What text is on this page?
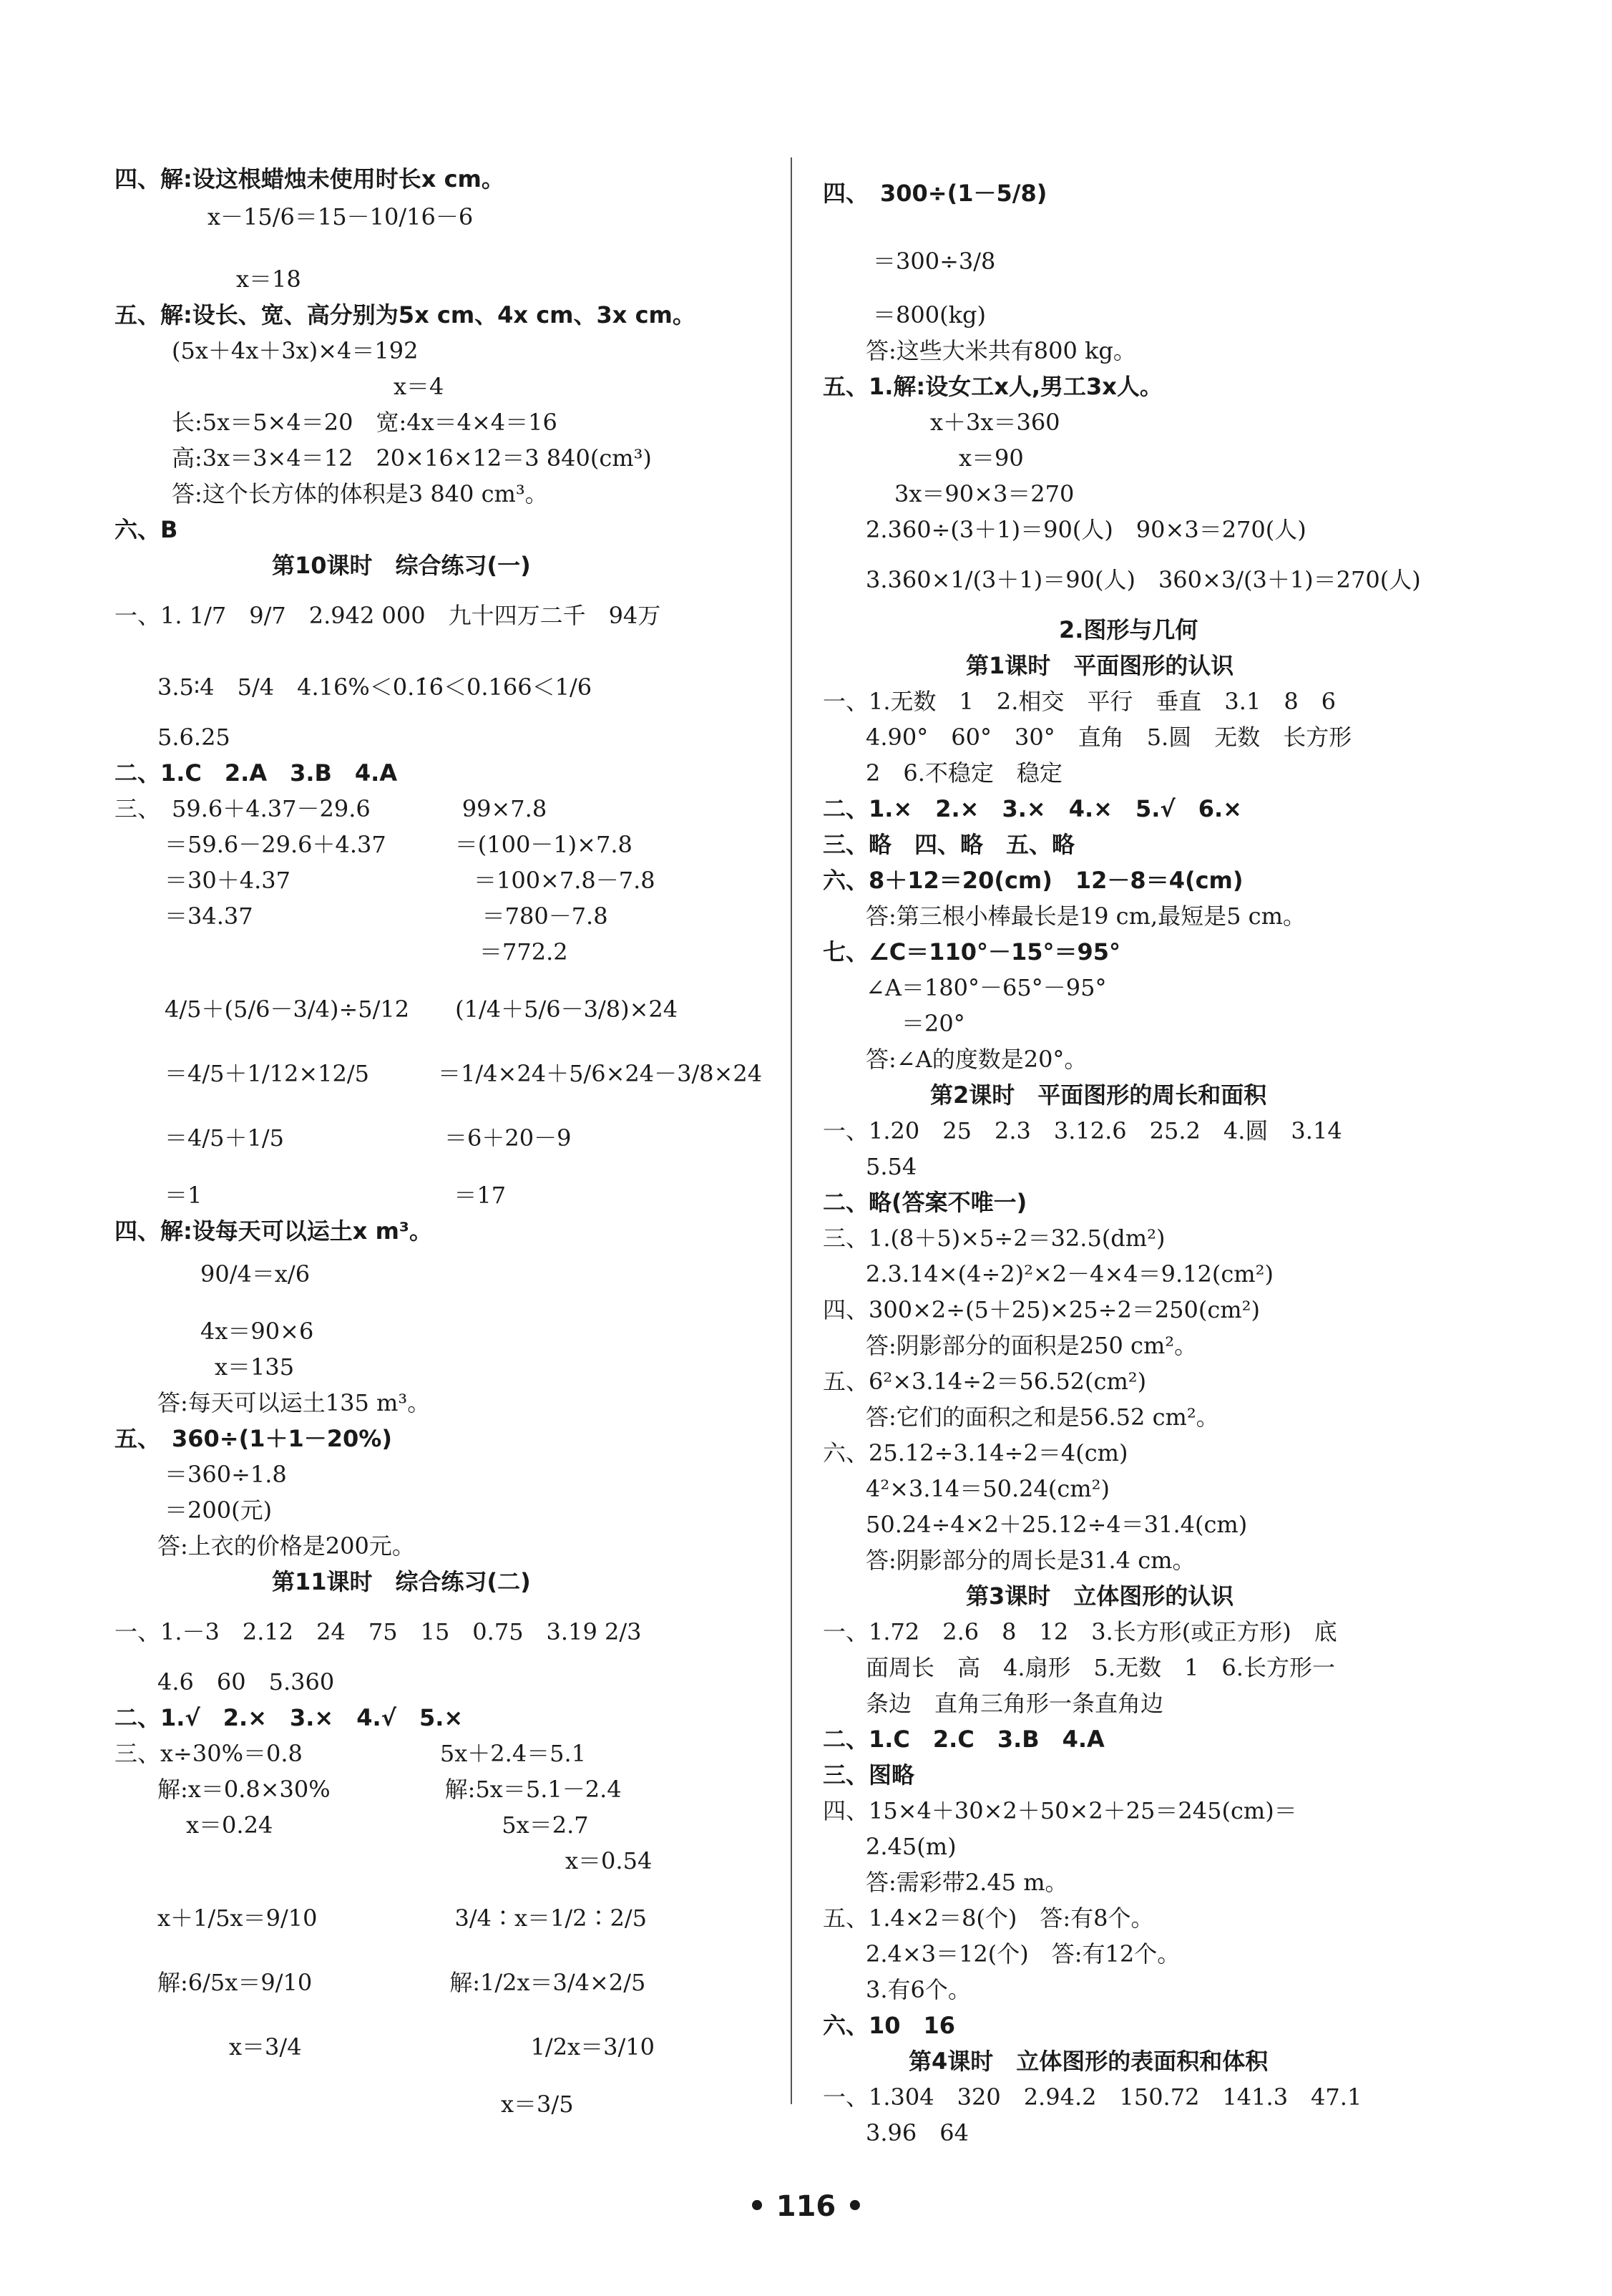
四、解:设这根蜡烛未使用时长x cm。
x－15/6＝15－10/16－6
x＝18
五、解:设长、宽、高分别为5x cm、4x cm、3x cm。
(5x＋4x＋3x)×4＝192
x＝4
长:5x＝5×4＝20　宽:4x＝4×4＝16
高:3x＝3×4＝12　20×16×12＝3 840(cm³)
答:这个长方体的体积是3 840 cm³。
六、B
第10课时　综合练习(一)
一、1. 1/7　9/7　2.942 000　九十四万二千　94万
3.5∶4　5/4　4.16%＜0.1̇6̇＜0.166＜1/6
5.6.25
二、1.C　2.A　3.B　4.A
三、　59.6＋4.37－29.6　　　　99×7.8
＝59.6－29.6＋4.37　　　＝(100－1)×7.8
＝30＋4.37　　　　　　　　＝100×7.8－7.8
＝34.37　　　　　　　　　　＝780－7.8
＝772.2
4/5＋(5/6－3/4)÷5/12　　(1/4＋5/6－3/8)×24
＝4/5＋1/12×12/5　　　＝1/4×24＋5/6×24－3/8×24
＝4/5＋1/5　　　　　　　＝6＋20－9
＝1　　　　　　　　　　　＝17
四、解:设每天可以运土x m³。
90/4＝x/6
4x＝90×6
x＝135
答:每天可以运土135 m³。
五、　360÷(1＋1－20%)
＝360÷1.8
＝200(元)
答:上衣的价格是200元。
第11课时　综合练习(二)
一、1.－3　2.12　24　75　15　0.75　3.19 2/3
4.6　60　5.360
二、1.√　2.×　3.×　4.√　5.×
三、x÷30%＝0.8　　　　　　5x＋2.4＝5.1
解:x＝0.8×30%　　　　　解:5x＝5.1－2.4
x＝0.24　　　　　　　　　　5x＝2.7
x＝0.54
x＋1/5x＝9/10　　　　　　3/4∶x＝1/2∶2/5
解:6/5x＝9/10　　　　　　解:1/2x＝3/4×2/5
x＝3/4　　　　　　　　　　1/2x＝3/10
x＝3/5
四、　300÷(1－5/8)
＝300÷3/8
＝800(kg)
答:这些大米共有800 kg。
五、1.解:设女工x人,男工3x人。
x＋3x＝360
x＝90
3x＝90×3＝270
2.360÷(3＋1)＝90(人)　90×3＝270(人)
3.360×1/(3＋1)＝90(人)　360×3/(3＋1)＝270(人)
2.图形与几何
第1课时　平面图形的认识
一、1.无数　1　2.相交　平行　垂直　3.1　8　6
4.90°　60°　30°　直角　5.圆　无数　长方形
2　6.不稳定　稳定
二、1.×　2.×　3.×　4.×　5.√　6.×
三、略　四、略　五、略
六、8＋12＝20(cm)　12－8＝4(cm)
答:第三根小棒最长是19 cm,最短是5 cm。
七、∠C＝110°－15°＝95°
∠A＝180°－65°－95°
＝20°
答:∠A的度数是20°。
第2课时　平面图形的周长和面积
一、1.20　25　2.3　3.12.6　25.2　4.圆　3.14
5.54
二、略(答案不唯一)
三、1.(8＋5)×5÷2＝32.5(dm²)
2.3.14×(4÷2)²×2－4×4＝9.12(cm²)
四、300×2÷(5＋25)×25÷2＝250(cm²)
答:阴影部分的面积是250 cm²。
五、6²×3.14÷2＝56.52(cm²)
答:它们的面积之和是56.52 cm²。
六、25.12÷3.14÷2＝4(cm)
4²×3.14＝50.24(cm²)
50.24÷4×2＋25.12÷4＝31.4(cm)
答:阴影部分的周长是31.4 cm。
第3课时　立体图形的认识
一、1.72　2.6　8　12　3.长方形(或正方形)　底
面周长　高　4.扇形　5.无数　1　6.长方形一
条边　直角三角形一条直角边
二、1.C　2.C　3.B　4.A
三、图略
四、15×4＋30×2＋50×2＋25＝245(cm)＝
2.45(m)
答:需彩带2.45 m。
五、1.4×2＝8(个)　答:有8个。
2.4×3＝12(个)　答:有12个。
3.有6个。
六、10　16
第4课时　立体图形的表面积和体积
一、1.304　320　2.94.2　150.72　141.3　47.1
3.96　64
• 116 •
